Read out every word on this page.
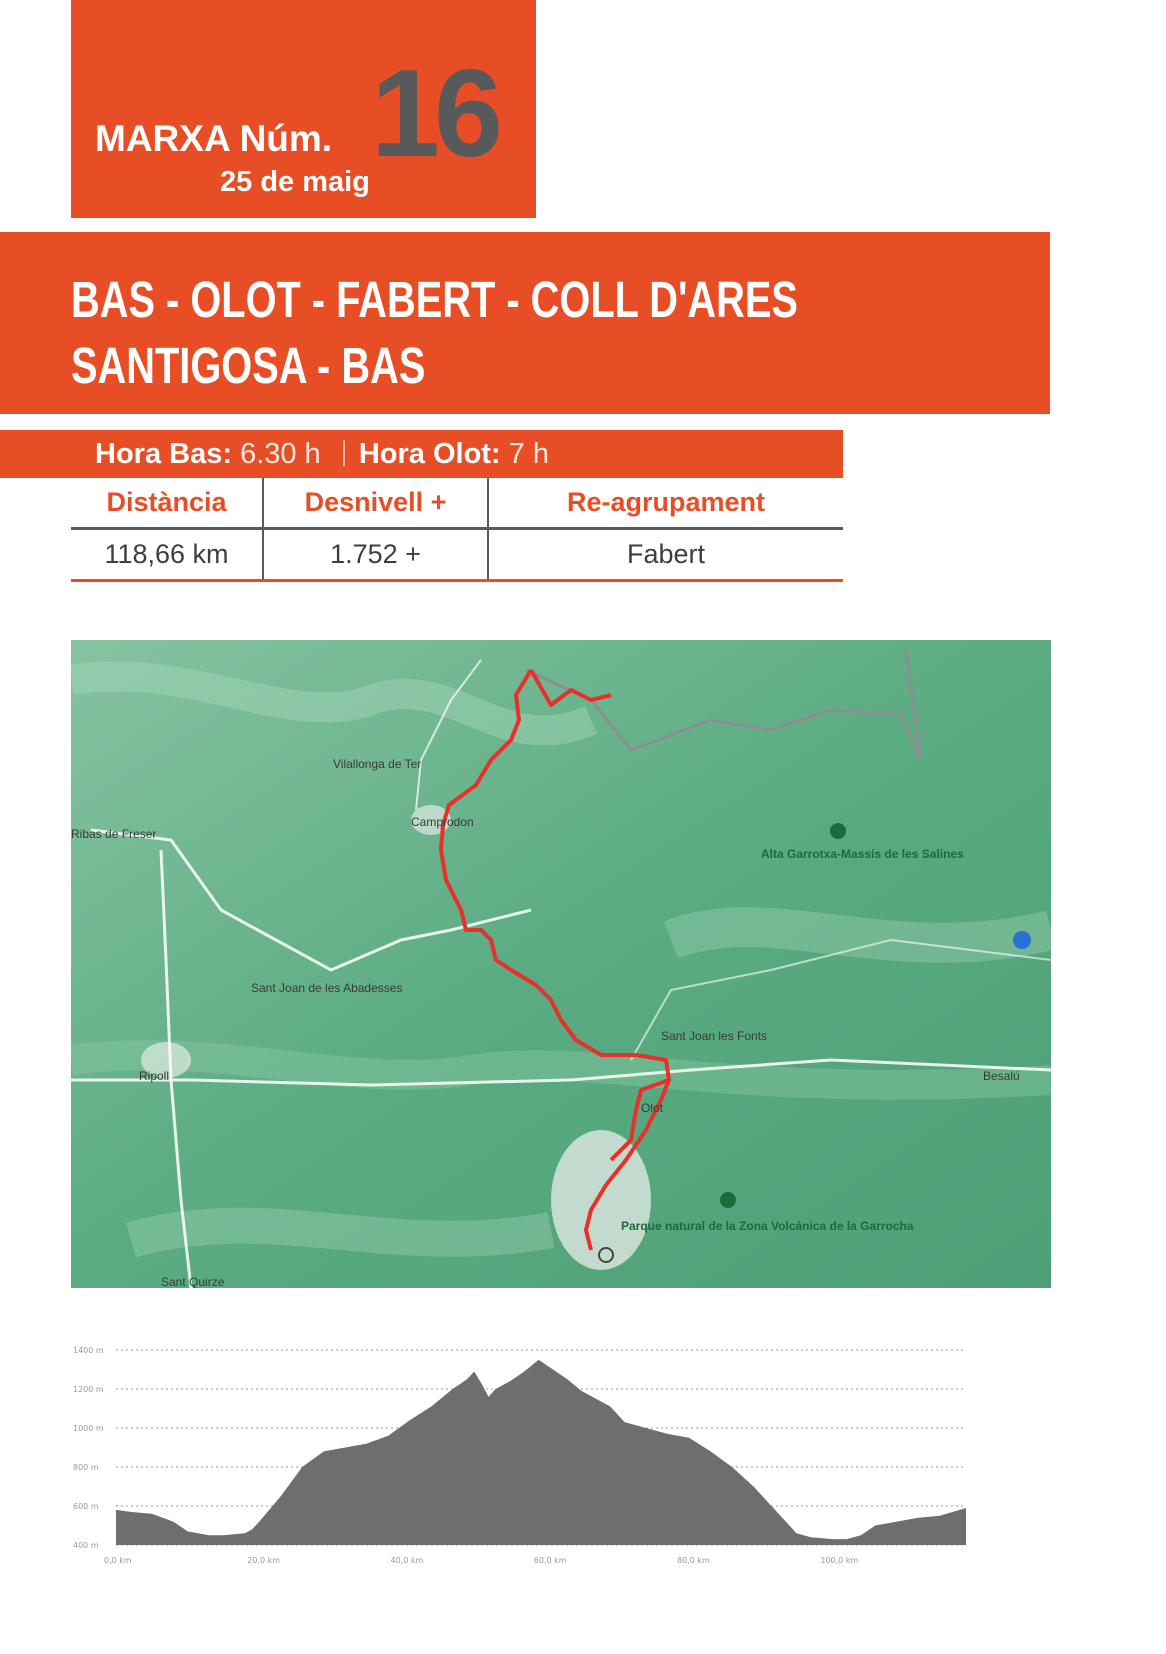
MARXA Núm. 16
25 de maig
BAS - OLOT - FABERT - COLL D'ARES
SANTIGOSA - BAS
Hora Bas: 6.30 h Hora Olot: 7 h
Distància	Desnivell +	Re-agrupament
118,66 km	1.752 +	Fabert
Vilallonga de Ter
Camprodon
Ribas de Freser
Alta Garrotxa-Massís de les Salines
Sant Joan de les Abadesses
Sant Joan les Fonts
Ripoll
Olot
Besalú
Parque natural de la Zona Volcánica de la Garrocha
Sant Quirze
400 m
600 m
800 m
1000 m
1200 m
1400 m
0,0 km	20,0 km	40,0 km	60,0 km	80,0 km	100,0 km
